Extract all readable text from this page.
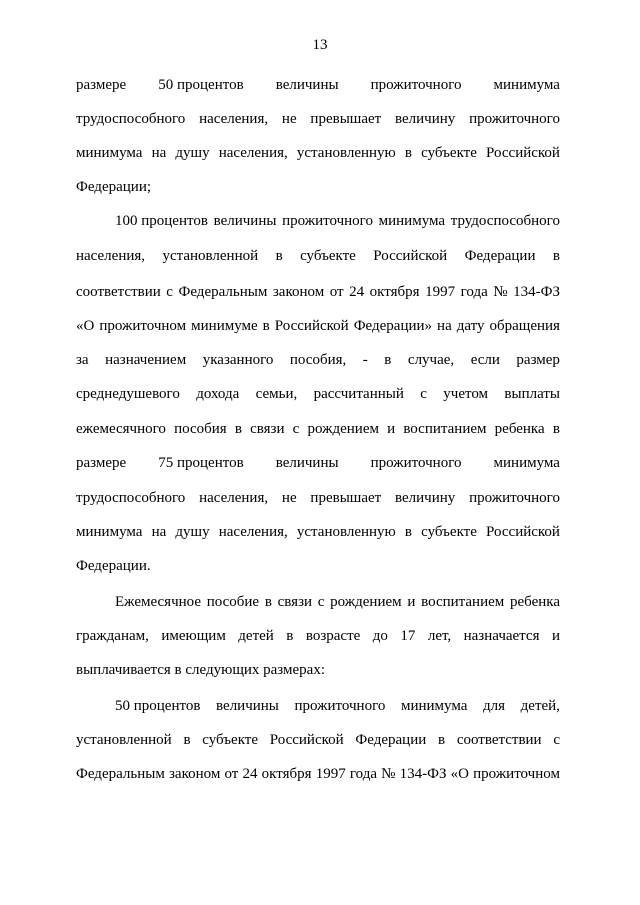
13
размере 50 процентов величины прожиточного минимума
трудоспособного населения, не превышает величину прожиточного
минимума на душу населения, установленную в субъекте Российской
Федерации;
100 процентов величины прожиточного минимума трудоспособного
населения, установленной в субъекте Российской Федерации в
соответствии с Федеральным законом от 24 октября 1997 года № 134-ФЗ
«О прожиточном минимуме в Российской Федерации» на дату обращения
за назначением указанного пособия, - в случае, если размер
среднедушевого дохода семьи, рассчитанный с учетом выплаты
ежемесячного пособия в связи с рождением и воспитанием ребенка в
размере 75 процентов величины прожиточного минимума
трудоспособного населения, не превышает величину прожиточного
минимума на душу населения, установленную в субъекте Российской
Федерации.
Ежемесячное пособие в связи с рождением и воспитанием ребенка
гражданам, имеющим детей в возрасте до 17 лет, назначается и
выплачивается в следующих размерах:
50 процентов величины прожиточного минимума для детей,
установленной в субъекте Российской Федерации в соответствии с
Федеральным законом от 24 октября 1997 года № 134-ФЗ «О прожиточном
